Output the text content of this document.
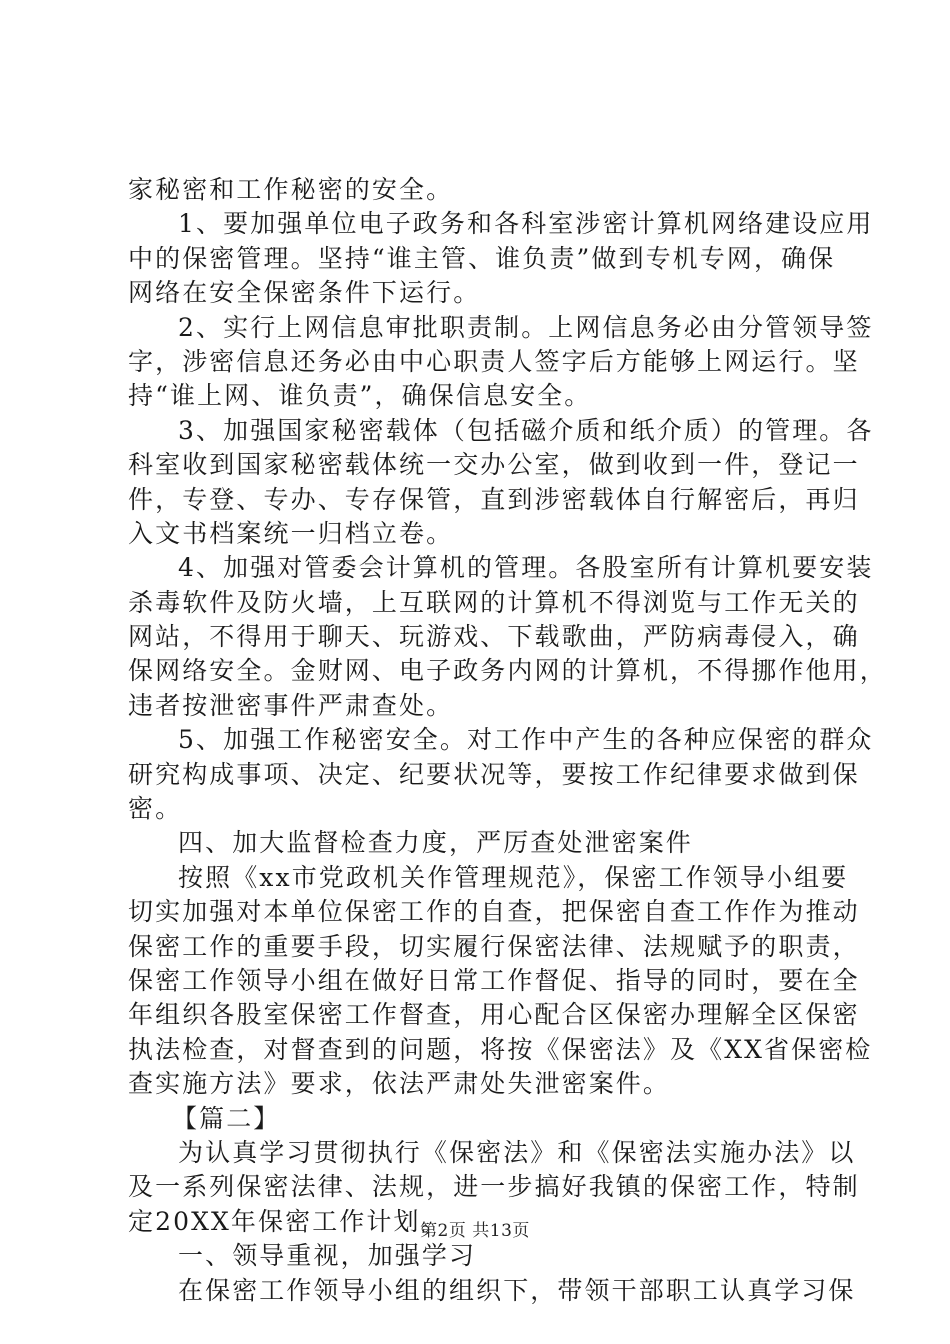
家秘密和工作秘密的安全。
1、要加强单位电子政务和各科室涉密计算机网络建设应用
中的保密管理。坚持“谁主管、谁负责”做到专机专网，确保
网络在安全保密条件下运行。
2、实行上网信息审批职责制。上网信息务必由分管领导签
字，涉密信息还务必由中心职责人签字后方能够上网运行。坚
持“谁上网、谁负责”，确保信息安全。
3、加强国家秘密载体（包括磁介质和纸介质）的管理。各
科室收到国家秘密载体统一交办公室，做到收到一件，登记一
件，专登、专办、专存保管，直到涉密载体自行解密后，再归
入文书档案统一归档立卷。
4、加强对管委会计算机的管理。各股室所有计算机要安装
杀毒软件及防火墙，上互联网的计算机不得浏览与工作无关的
网站，不得用于聊天、玩游戏、下载歌曲，严防病毒侵入，确
保网络安全。金财网、电子政务内网的计算机，不得挪作他用，
违者按泄密事件严肃查处。
5、加强工作秘密安全。对工作中产生的各种应保密的群众
研究构成事项、决定、纪要状况等，要按工作纪律要求做到保
密。
四、加大监督检查力度，严厉查处泄密案件
按照《xx市党政机关作管理规范》，保密工作领导小组要
切实加强对本单位保密工作的自查，把保密自查工作作为推动
保密工作的重要手段，切实履行保密法律、法规赋予的职责，
保密工作领导小组在做好日常工作督促、指导的同时，要在全
年组织各股室保密工作督查，用心配合区保密办理解全区保密
执法检查，对督查到的问题，将按《保密法》及《XX省保密检
查实施方法》要求，依法严肃处失泄密案件。
【篇二】
为认真学习贯彻执行《保密法》和《保密法实施办法》以
及一系列保密法律、法规，进一步搞好我镇的保密工作，特制
定20XX年保密工作计划。
一、领导重视，加强学习
在保密工作领导小组的组织下，带领干部职工认真学习保
第2页 共13页
